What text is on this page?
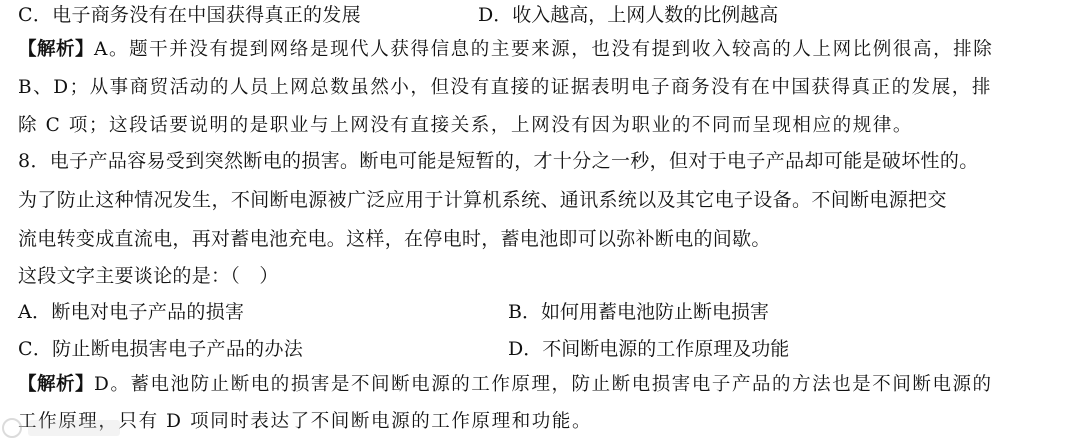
C．电子商务没有在中国获得真正的发展	D．收入越高，上网人数的比例越高
【解析】A。题干并没有提到网络是现代人获得信息的主要来源，也没有提到收入较高的人上网比例很高，排除
B、D；从事商贸活动的人员上网总数虽然小，但没有直接的证据表明电子商务没有在中国获得真正的发展，排
除 C 项；这段话要说明的是职业与上网没有直接关系，上网没有因为职业的不同而呈现相应的规律。
8．电子产品容易受到突然断电的损害。断电可能是短暂的，才十分之一秒，但对于电子产品却可能是破坏性的。
为了防止这种情况发生，不间断电源被广泛应用于计算机系统、通讯系统以及其它电子设备。不间断电源把交
流电转变成直流电，再对蓄电池充电。这样，在停电时，蓄电池即可以弥补断电的间歇。
这段文字主要谈论的是：（　）
A．断电对电子产品的损害	B．如何用蓄电池防止断电损害
C．防止断电损害电子产品的办法	D．不间断电源的工作原理及功能
【解析】D。蓄电池防止断电的损害是不间断电源的工作原理，防止断电损害电子产品的方法也是不间断电源的
工作原理，只有 D 项同时表达了不间断电源的工作原理和功能。
